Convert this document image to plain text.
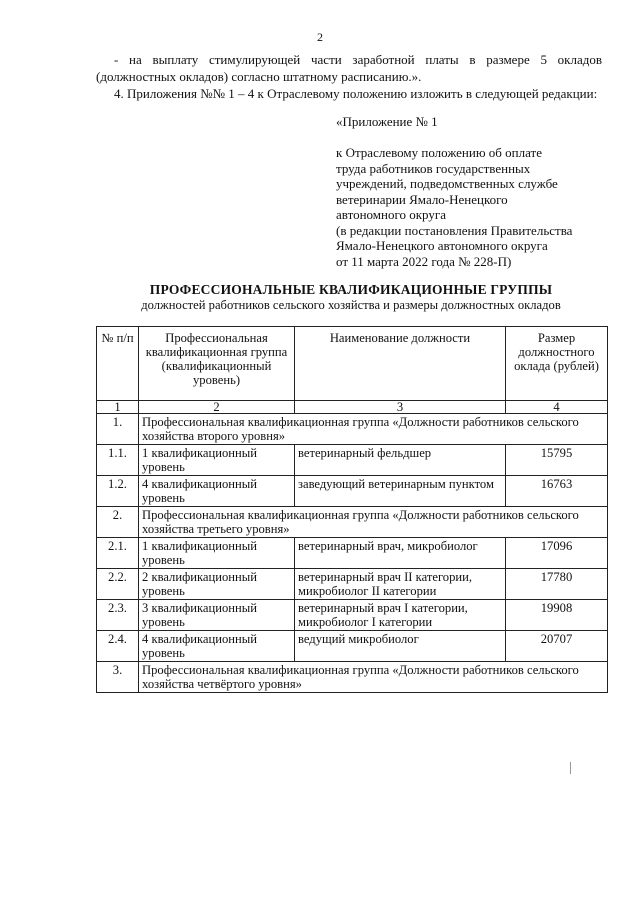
2
- на выплату стимулирующей части заработной платы в размере 5 окладов (должностных окладов) согласно штатному расписанию.».
4. Приложения №№ 1 – 4 к Отраслевому положению изложить в следующей редакции:
«Приложение № 1
к Отраслевому положению об оплате
труда работников государственных
учреждений, подведомственных службе
ветеринарии Ямало-Ненецкого
автономного округа
(в редакции постановления Правительства
Ямало-Ненецкого автономного округа
от 11 марта 2022 года № 228-П)
ПРОФЕССИОНАЛЬНЫЕ КВАЛИФИКАЦИОННЫЕ ГРУППЫ
должностей работников сельского хозяйства и размеры должностных окладов
№ п/п	Профессиональная квалификационная группа (квалификационный уровень)	Наименование должности	Размер должностного оклада (рублей)
1	2	3	4
1.	Профессиональная квалификационная группа «Должности работников сельского хозяйства второго уровня»		
1.1.	1 квалификационный уровень	ветеринарный фельдшер	15795
1.2.	4 квалификационный уровень	заведующий ветеринарным пунктом	16763
2.	Профессиональная квалификационная группа «Должности работников сельского хозяйства третьего уровня»		
2.1.	1 квалификационный уровень	ветеринарный врач, микробиолог	17096
2.2.	2 квалификационный уровень	ветеринарный врач II категории, микробиолог II категории	17780
2.3.	3 квалификационный уровень	ветеринарный врач I категории, микробиолог I категории	19908
2.4.	4 квалификационный уровень	ведущий микробиолог	20707
3.	Профессиональная квалификационная группа «Должности работников сельского хозяйства четвёртого уровня»		
